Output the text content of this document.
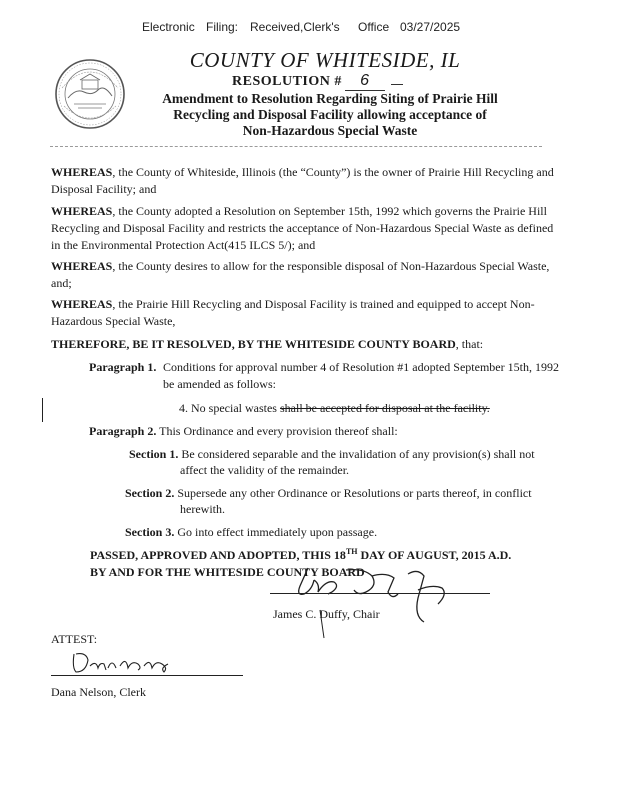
Electronic Filing: Received,Clerk's Office 03/27/2025
COUNTY OF WHITESIDE, IL
RESOLUTION # 6
Amendment to Resolution Regarding Siting of Prairie Hill
Recycling and Disposal Facility allowing acceptance of
Non-Hazardous Special Waste
WHEREAS, the County of Whiteside, Illinois (the “County”) is the owner of Prairie Hill Recycling and
Disposal Facility; and
WHEREAS, the County adopted a Resolution on September 15th, 1992 which governs the Prairie Hill
Recycling and Disposal Facility and restricts the acceptance of Non-Hazardous Special Waste as defined
in the Environmental Protection Act(415 ILCS 5/); and
WHEREAS, the County desires to allow for the responsible disposal of Non-Hazardous Special Waste,
and;
WHEREAS, the Prairie Hill Recycling and Disposal Facility is trained and equipped to accept Non-
Hazardous Special Waste,
THEREFORE, BE IT RESOLVED, BY THE WHITESIDE COUNTY BOARD, that:
Paragraph 1. Conditions for approval number 4 of Resolution #1 adopted September 15th, 1992
be amended as follows:
4. No special wastes shall be accepted for disposal at the facility.
Paragraph 2. This Ordinance and every provision thereof shall:
Section 1. Be considered separable and the invalidation of any provision(s) shall not
affect the validity of the remainder.
Section 2. Supersede any other Ordinance or Resolutions or parts thereof, in conflict
herewith.
Section 3. Go into effect immediately upon passage.
PASSED, APPROVED AND ADOPTED, THIS 18TH DAY OF AUGUST, 2015 A.D.
BY AND FOR THE WHITESIDE COUNTY BOARD
James C. Duffy, Chair
ATTEST:
Dana Nelson, Clerk
